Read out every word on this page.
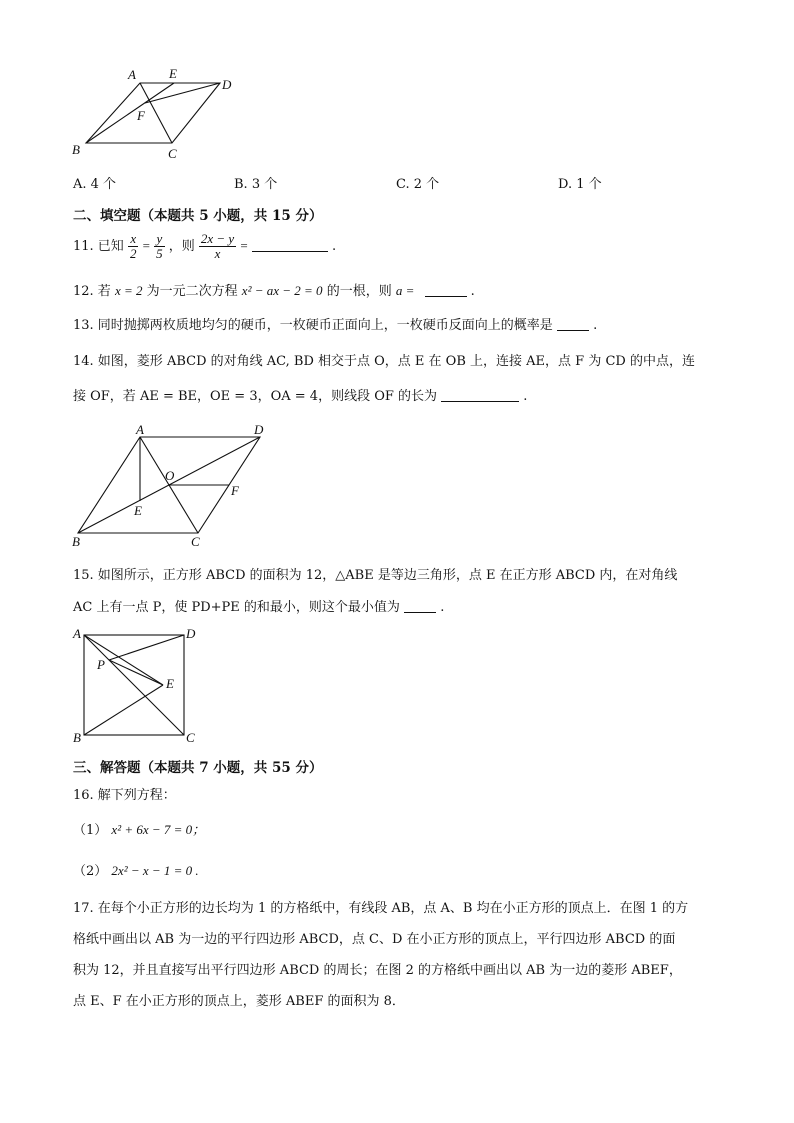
A	E
D
F
B	C
A. 4 个	B. 3 个	C. 2 个	D. 1 个
二、填空题（本题共 5 小题，共 15 分）
11. 已知 $\frac{x}{2} = \frac{y}{5}$ ，则 $\frac{2x - y}{x}$ =	.
12. 若 x = 2 为一元二次方程 x² − ax − 2 = 0 的一根，则 a =	.
13. 同时抛掷两枚质地均匀的硬币，一枚硬币正面向上，一枚硬币反面向上的概率是	.
14. 如图，菱形 ABCD 的对角线 AC, BD 相交于点 O，点 E 在 OB 上，连接 AE，点 F 为 CD 的中点，连
接 OF，若 AE = BE，OE = 3，OA = 4，则线段 OF 的长为	.
A	D
O
F
E
B	C
15. 如图所示，正方形 ABCD 的面积为 12，△ABE 是等边三角形，点 E 在正方形 ABCD 内，在对角线
AC 上有一点 P，使 PD+PE 的和最小，则这个最小值为	.
A	D
P
E
B	C
三、解答题（本题共 7 小题，共 55 分）
16. 解下列方程：
（1） x² + 6x − 7 = 0；
（2） 2x² − x − 1 = 0 .
17. 在每个小正方形的边长均为 1 的方格纸中，有线段 AB，点 A、B 均在小正方形的顶点上．在图 1 的方
格纸中画出以 AB 为一边的平行四边形 ABCD，点 C、D 在小正方形的顶点上，平行四边形 ABCD 的面
积为 12，并且直接写出平行四边形 ABCD 的周长；在图 2 的方格纸中画出以 AB 为一边的菱形 ABEF，
点 E、F 在小正方形的顶点上，菱形 ABEF 的面积为 8．
